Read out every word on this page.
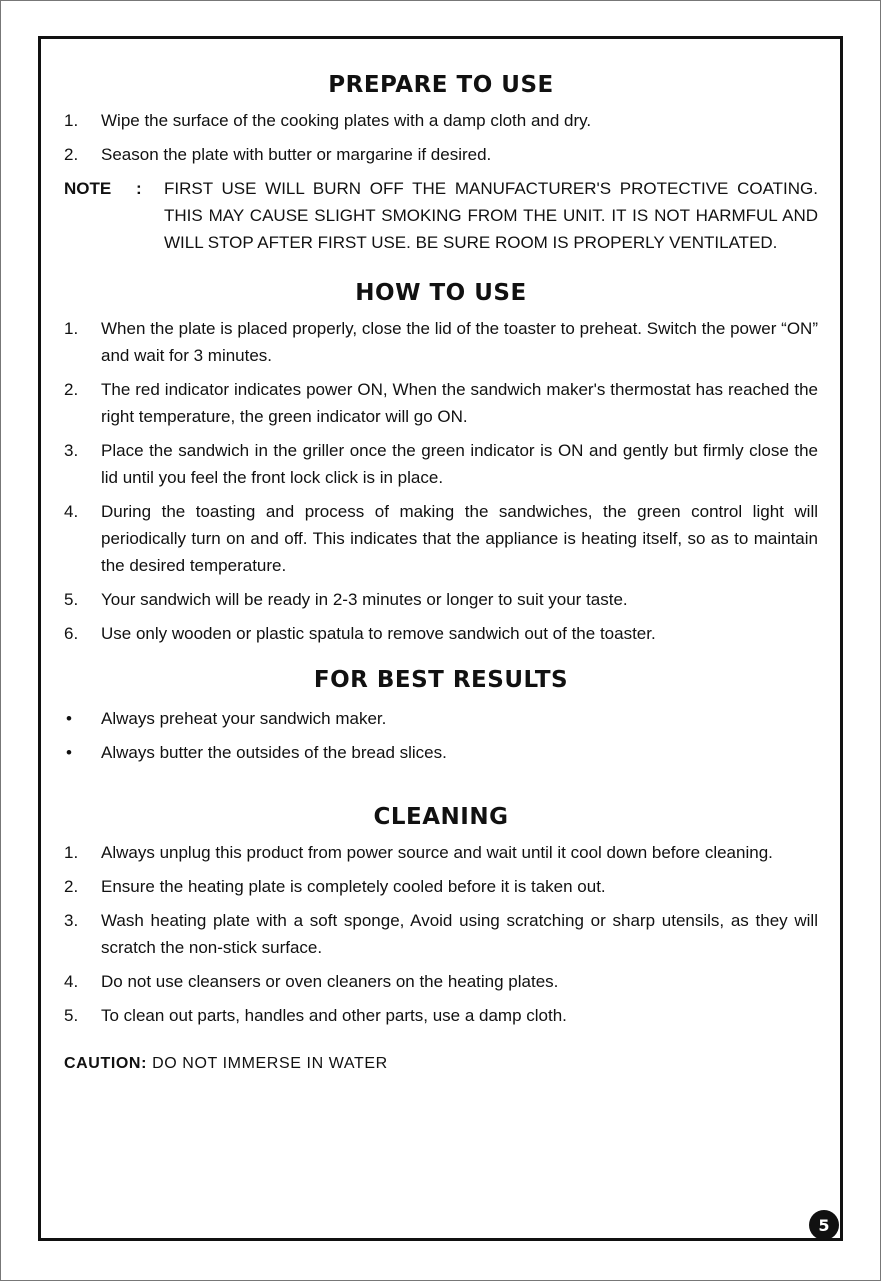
PREPARE TO USE
1.	Wipe the surface of the cooking plates with a damp cloth and dry.
2.	Season the plate with butter or margarine if desired.
NOTE	:	FIRST USE WILL BURN OFF THE MANUFACTURER'S PROTECTIVE COATING. THIS MAY CAUSE SLIGHT SMOKING FROM THE UNIT. IT IS NOT HARMFUL AND WILL STOP AFTER FIRST USE. BE SURE ROOM IS PROPERLY VENTILATED.
HOW TO USE
1.	When the plate is placed properly, close the lid of the toaster to preheat. Switch the power “ON” and wait for 3 minutes.
2.	The red indicator indicates power ON, When the sandwich maker's thermostat has reached the right temperature, the green indicator will go ON.
3.	Place the sandwich in the griller once the green indicator is ON and gently but firmly close the lid until you feel the front lock click is in place.
4.	During the toasting and process of making the sandwiches, the green control light will periodically turn on and off. This indicates that the appliance is heating itself, so as to maintain the desired temperature.
5.	Your sandwich will be ready in 2-3 minutes or longer to suit your taste.
6.	Use only wooden or plastic spatula to remove sandwich out of the toaster.
FOR BEST RESULTS
•	Always preheat your sandwich maker.
•	Always butter the outsides of the bread slices.
CLEANING
1.	Always unplug this product from power source and wait until it cool down before cleaning.
2.	Ensure the heating plate is completely cooled before it is taken out.
3.	Wash heating plate with a soft sponge, Avoid using scratching or sharp utensils, as they will scratch the non-stick surface.
4.	Do not use cleansers or oven cleaners on the heating plates.
5.	To clean out parts, handles and other parts, use a damp cloth.
CAUTION: DO NOT IMMERSE IN WATER
5
